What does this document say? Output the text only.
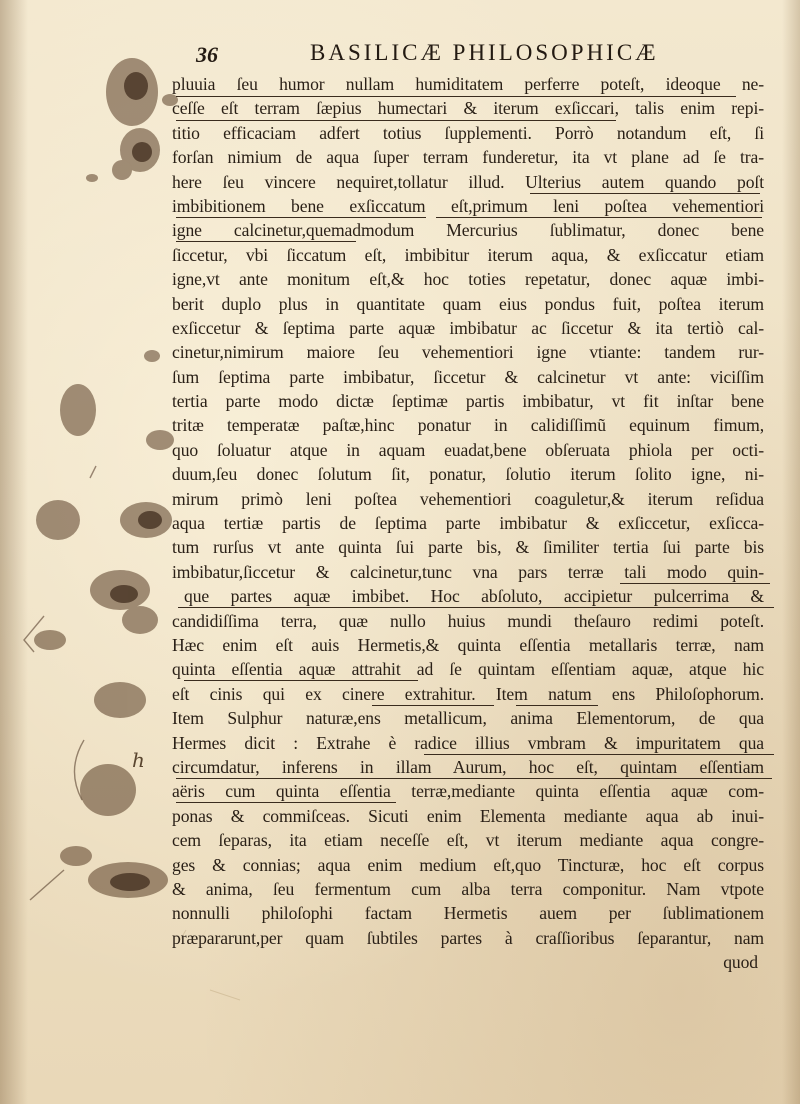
36	BASILICÆ PHILOSOPHICÆ
pluuia ſeu humor nullam humiditatem perferre poteſt, ideoque ne-
ceſſe eſt terram ſæpius humectari & iterum exſiccari, talis enim repi-
titio efficaciam adfert totius ſupplementi. Porrò notandum eſt, ſi
forſan nimium de aqua ſuper terram funderetur, ita vt plane ad ſe tra-
here ſeu vincere nequiret,tollatur illud. Ulterius autem quando poſt
imbibitionem bene exſiccatum eſt,primum leni poſtea vehementiori
igne calcinetur,quemadmodum Mercurius ſublimatur, donec bene
ſiccetur, vbi ſiccatum eſt, imbibitur iterum aqua, & exſiccatur etiam
igne,vt ante monitum eſt,& hoc toties repetatur, donec aquæ imbi-
berit duplo plus in quantitate quam eius pondus fuit, poſtea iterum
exſiccetur & ſeptima parte aquæ imbibatur ac ſiccetur & ita tertiò cal-
cinetur,nimirum maiore ſeu vehementiori igne vtiante: tandem rur-
ſum ſeptima parte imbibatur, ſiccetur & calcinetur vt ante: viciſſim
tertia parte modo dictæ ſeptimæ partis imbibatur, vt fit inſtar bene
tritæ temperatæ paſtæ,hinc ponatur in calidiſſimũ equinum fimum,
quo ſoluatur atque in aquam euadat,bene obſeruata phiola per octi-
duum,ſeu donec ſolutum ſit, ponatur, ſolutio iterum ſolito igne, ni-
mirum primò leni poſtea vehementiori coaguletur,& iterum reſidua
aqua tertiæ partis de ſeptima parte imbibatur & exſiccetur, exſicca-
tum rurſus vt ante quinta ſui parte bis, & ſimiliter tertia ſui parte bis
imbibatur,ſiccetur & calcinetur,tunc vna pars terræ tali modo quin-
que partes aquæ imbibet. Hoc abſoluto, accipietur pulcerrima &
candidiſſima terra, quæ nullo huius mundi theſauro redimi poteſt.
Hæc enim eſt auis Hermetis,& quinta eſſentia metallaris terræ, nam
quinta eſſentia aquæ attrahit ad ſe quintam eſſentiam aquæ, atque hic
eſt cinis qui ex cinere extrahitur. Item natum ens Philoſophorum.
Item Sulphur naturæ,ens metallicum, anima Elementorum, de qua
Hermes dicit : Extrahe è radice illius vmbram & impuritatem qua
circumdatur, inferens in illam Aurum, hoc eſt, quintam eſſentiam
aëris cum quinta eſſentia terræ,mediante quinta eſſentia aquæ com-
ponas & commiſceas. Sicuti enim Elementa mediante aqua ab inui-
cem ſeparas, ita etiam neceſſe eſt, vt iterum mediante aqua congre-
ges & connias; aqua enim medium eſt,quo Tincturæ, hoc eſt corpus
& anima, ſeu fermentum cum alba terra componitur. Nam vtpote
nonnulli philoſophi factam Hermetis auem per ſublimationem
præpararunt,per quam ſubtiles partes à craſſioribus ſeparantur, nam
quod
h
